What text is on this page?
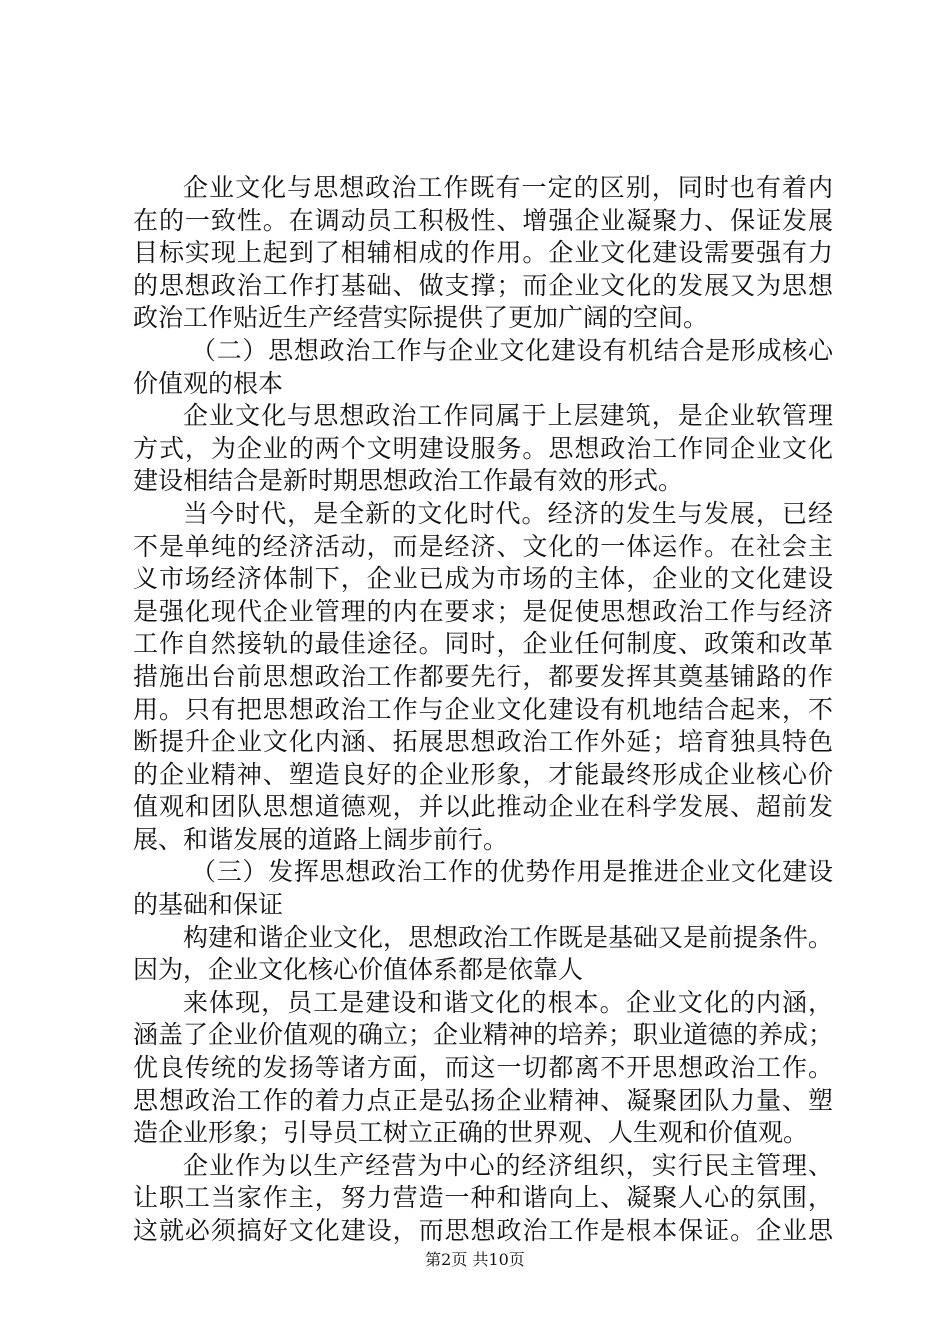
企业文化与思想政治工作既有一定的区别，同时也有着内
在的一致性。在调动员工积极性、增强企业凝聚力、保证发展
目标实现上起到了相辅相成的作用。企业文化建设需要强有力
的思想政治工作打基础、做支撑；而企业文化的发展又为思想
政治工作贴近生产经营实际提供了更加广阔的空间。
（二）思想政治工作与企业文化建设有机结合是形成核心
价值观的根本
企业文化与思想政治工作同属于上层建筑，是企业软管理
方式，为企业的两个文明建设服务。思想政治工作同企业文化
建设相结合是新时期思想政治工作最有效的形式。
当今时代，是全新的文化时代。经济的发生与发展，已经
不是单纯的经济活动，而是经济、文化的一体运作。在社会主
义市场经济体制下，企业已成为市场的主体，企业的文化建设
是强化现代企业管理的内在要求；是促使思想政治工作与经济
工作自然接轨的最佳途径。同时，企业任何制度、政策和改革
措施出台前思想政治工作都要先行，都要发挥其奠基铺路的作
用。只有把思想政治工作与企业文化建设有机地结合起来，不
断提升企业文化内涵、拓展思想政治工作外延；培育独具特色
的企业精神、塑造良好的企业形象，才能最终形成企业核心价
值观和团队思想道德观，并以此推动企业在科学发展、超前发
展、和谐发展的道路上阔步前行。
（三）发挥思想政治工作的优势作用是推进企业文化建设
的基础和保证
构建和谐企业文化，思想政治工作既是基础又是前提条件。
因为，企业文化核心价值体系都是依靠人
来体现，员工是建设和谐文化的根本。企业文化的内涵，
涵盖了企业价值观的确立；企业精神的培养；职业道德的养成；
优良传统的发扬等诸方面，而这一切都离不开思想政治工作。
思想政治工作的着力点正是弘扬企业精神、凝聚团队力量、塑
造企业形象；引导员工树立正确的世界观、人生观和价值观。
企业作为以生产经营为中心的经济组织，实行民主管理、
让职工当家作主，努力营造一种和谐向上、凝聚人心的氛围，
这就必须搞好文化建设，而思想政治工作是根本保证。企业思
第2页 共10页
